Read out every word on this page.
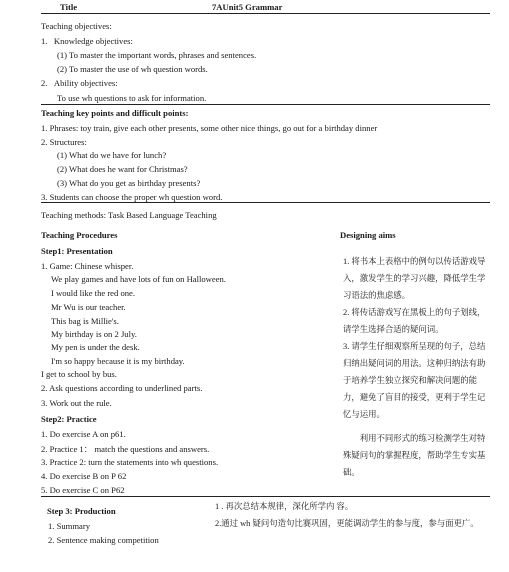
Title	7AUnit5 Grammar
Teaching objectives:
1.   Knowledge objectives:
(1) To master the important words, phrases and sentences.
(2) To master the use of wh question words.
2.   Ability objectives:
To use wh questions to ask for information.
Teaching key points and difficult points:
1. Phrases: toy train, give each other presents, some other nice things, go out for a birthday dinner
2. Structures:
(1) What do we have for lunch?
(2) What does he want for Christmas?
(3) What do you get as birthday presents?
3. Students can choose the proper wh question word.
Teaching methods: Task Based Language Teaching
Teaching Procedures	Designing aims
Step1: Presentation
1. Game: Chinese whisper.
We play games and have lots of fun on Halloween.
I would like the red one.
Mr Wu is our teacher.
This bag is Millie's.
My birthday is on 2 July.
My pen is under the desk.
I'm so happy because it is my birthday.
I get to school by bus.
2. Ask questions according to underlined parts.
3. Work out the rule.
Step2: Practice
1. Do exercise A on p61.
2. Practice 1： match the questions and answers.
3. Practice 2: turn the statements into wh questions.
4. Do exercise B on P 62
5. Do exercise C on P62
Step 3: Production
1. Summary
2. Sentence making competition
1. 将书本上表格中的例句以传话游戏导入，激发学生的学习兴趣，降低学生学习语法的焦虑感。
2. 将传话游戏写在黑板上的句子划线，请学生选择合适的疑问词。
3. 请学生仔细观察所呈现的句子，总结归纳出疑问词的用法。这种归纳法有助于培养学生独立探究和解决问题的能力，避免了盲目的接受，更利于学生记忆与运用。
利用不同形式的练习检测学生对特殊疑问句的掌握程度，帮助学生专实基础。
1 . 再次总结本规律，深化所学内 容。
2.通过 wh 疑问句造句比赛巩固，更能调动学生的参与度，参与面更广。
